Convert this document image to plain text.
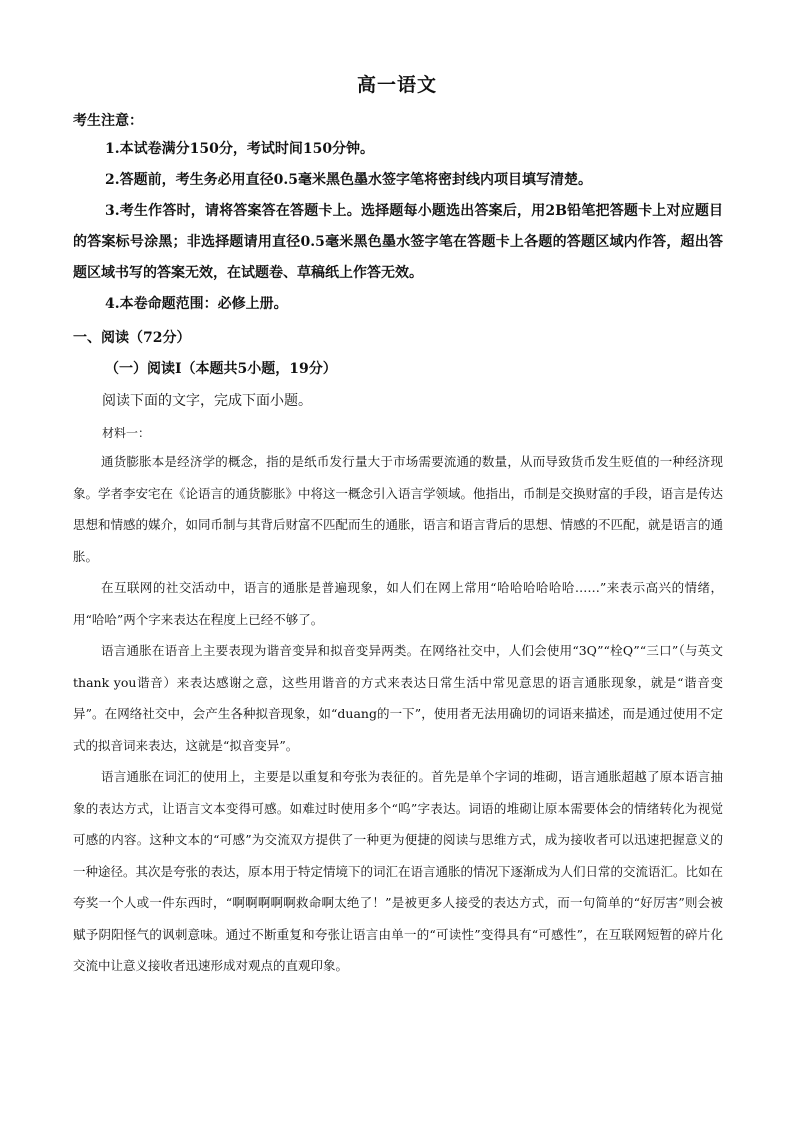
高一语文
考生注意：
1.本试卷满分150分，考试时间150分钟。
2.答题前，考生务必用直径0.5毫米黑色墨水签字笔将密封线内项目填写清楚。
3.考生作答时，请将答案答在答题卡上。选择题每小题选出答案后，用2B铅笔把答题卡上对应题目的答案标号涂黑；非选择题请用直径0.5毫米黑色墨水签字笔在答题卡上各题的答题区域内作答，超出答题区域书写的答案无效，在试题卷、草稿纸上作答无效。
4.本卷命题范围：必修上册。
一、阅读（72分）
（一）阅读Ⅰ（本题共5小题，19分）
阅读下面的文字，完成下面小题。
材料一：
通货膨胀本是经济学的概念，指的是纸币发行量大于市场需要流通的数量，从而导致货币发生贬值的一种经济现象。学者李安宅在《论语言的通货膨胀》中将这一概念引入语言学领域。他指出，币制是交换财富的手段，语言是传达思想和情感的媒介，如同币制与其背后财富不匹配而生的通胀，语言和语言背后的思想、情感的不匹配，就是语言的通胀。
在互联网的社交活动中，语言的通胀是普遍现象，如人们在网上常用“哈哈哈哈哈哈……”来表示高兴的情绪，用“哈哈”两个字来表达在程度上已经不够了。
语言通胀在语音上主要表现为谐音变异和拟音变异两类。在网络社交中，人们会使用“3Q”“栓Q”“三口”（与英文thank you谐音）来表达感谢之意，这些用谐音的方式来表达日常生活中常见意思的语言通胀现象，就是“谐音变异”。在网络社交中，会产生各种拟音现象，如“duang的一下”，使用者无法用确切的词语来描述，而是通过使用不定式的拟音词来表达，这就是“拟音变异”。
语言通胀在词汇的使用上，主要是以重复和夸张为表征的。首先是单个字词的堆砌，语言通胀超越了原本语言抽象的表达方式，让语言文本变得可感。如难过时使用多个“呜”字表达。词语的堆砌让原本需要体会的情绪转化为视觉可感的内容。这种文本的“可感”为交流双方提供了一种更为便捷的阅读与思维方式，成为接收者可以迅速把握意义的一种途径。其次是夸张的表达，原本用于特定情境下的词汇在语言通胀的情况下逐渐成为人们日常的交流语汇。比如在夸奖一个人或一件东西时，“啊啊啊啊啊救命啊太绝了！”是被更多人接受的表达方式，而一句简单的“好厉害”则会被赋予阴阳怪气的讽刺意味。通过不断重复和夸张让语言由单一的“可读性”变得具有“可感性”，在互联网短暂的碎片化交流中让意义接收者迅速形成对观点的直观印象。
